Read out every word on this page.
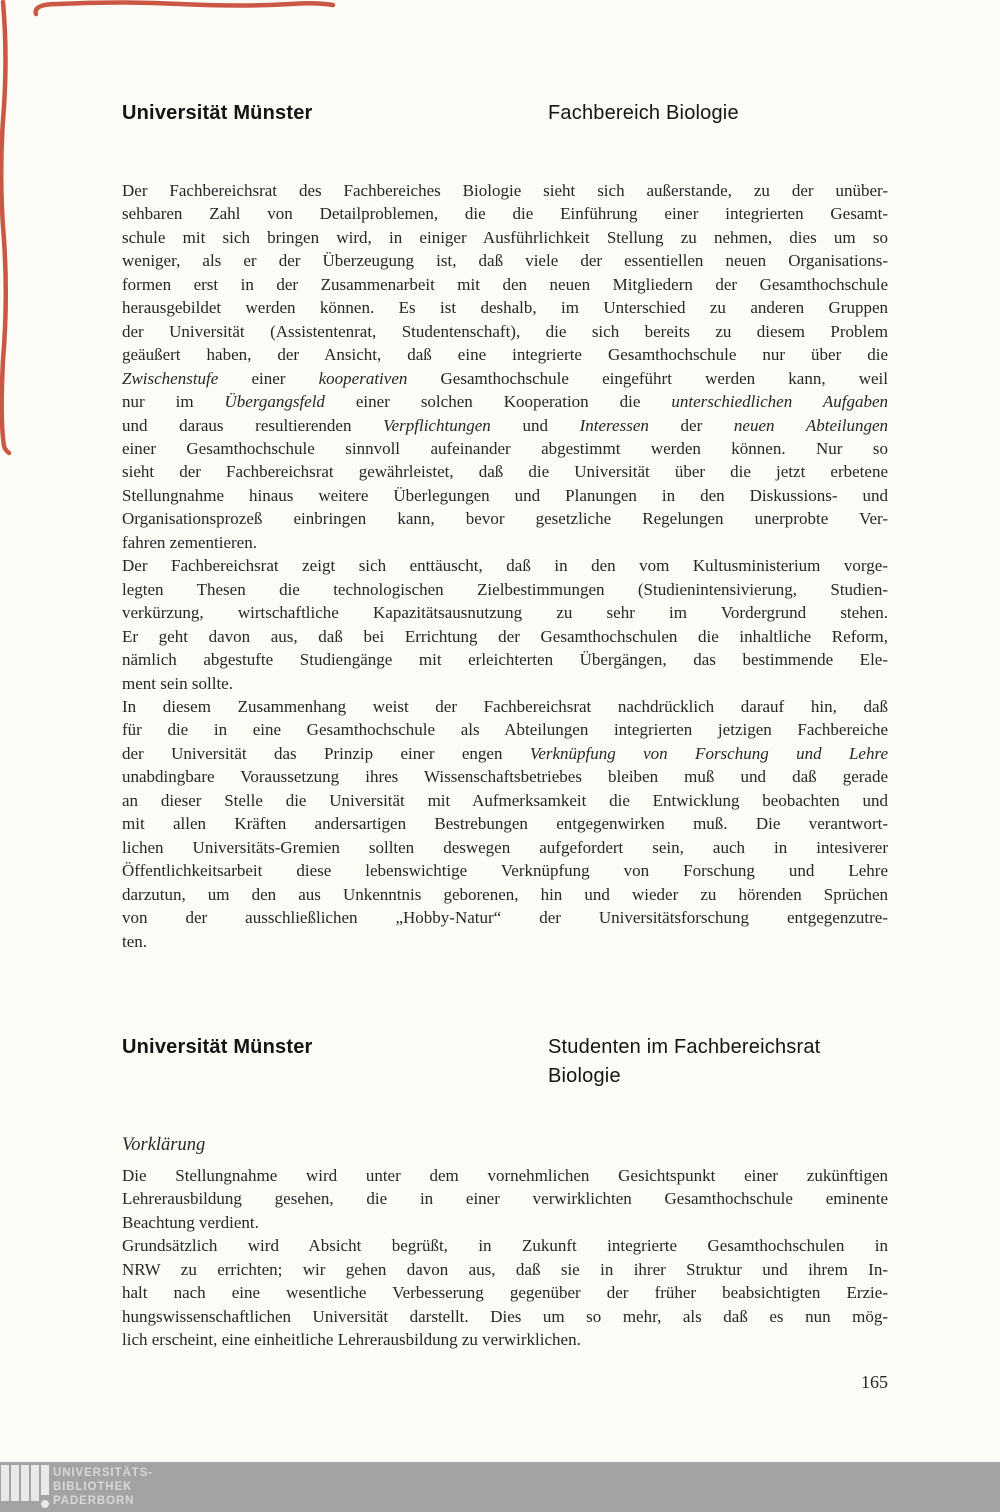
Universität Münster	Fachbereich Biologie
Der Fachbereichsrat des Fachbereiches Biologie sieht sich außerstande, zu der unüber-
sehbaren Zahl von Detailproblemen, die die Einführung einer integrierten Gesamt-
schule mit sich bringen wird, in einiger Ausführlichkeit Stellung zu nehmen, dies um so
weniger, als er der Überzeugung ist, daß viele der essentiellen neuen Organisations-
formen erst in der Zusammenarbeit mit den neuen Mitgliedern der Gesamthochschule
herausgebildet werden können. Es ist deshalb, im Unterschied zu anderen Gruppen
der Universität (Assistentenrat, Studentenschaft), die sich bereits zu diesem Problem
geäußert haben, der Ansicht, daß eine integrierte Gesamthochschule nur über die
Zwischenstufe einer kooperativen Gesamthochschule eingeführt werden kann, weil
nur im Übergangsfeld einer solchen Kooperation die unterschiedlichen Aufgaben
und daraus resultierenden Verpflichtungen und Interessen der neuen Abteilungen
einer Gesamthochschule sinnvoll aufeinander abgestimmt werden können. Nur so
sieht der Fachbereichsrat gewährleistet, daß die Universität über die jetzt erbetene
Stellungnahme hinaus weitere Überlegungen und Planungen in den Diskussions- und
Organisationsprozeß einbringen kann, bevor gesetzliche Regelungen unerprobte Ver-
fahren zementieren.
Der Fachbereichsrat zeigt sich enttäuscht, daß in den vom Kultusministerium vorge-
legten Thesen die technologischen Zielbestimmungen (Studienintensivierung, Studien-
verkürzung, wirtschaftliche Kapazitätsausnutzung zu sehr im Vordergrund stehen.
Er geht davon aus, daß bei Errichtung der Gesamthochschulen die inhaltliche Reform,
nämlich abgestufte Studiengänge mit erleichterten Übergängen, das bestimmende Ele-
ment sein sollte.
In diesem Zusammenhang weist der Fachbereichsrat nachdrücklich darauf hin, daß
für die in eine Gesamthochschule als Abteilungen integrierten jetzigen Fachbereiche
der Universität das Prinzip einer engen Verknüpfung von Forschung und Lehre
unabdingbare Voraussetzung ihres Wissenschaftsbetriebes bleiben muß und daß gerade
an dieser Stelle die Universität mit Aufmerksamkeit die Entwicklung beobachten und
mit allen Kräften andersartigen Bestrebungen entgegenwirken muß. Die verantwort-
lichen Universitäts-Gremien sollten deswegen aufgefordert sein, auch in intesiverer
Öffentlichkeitsarbeit diese lebenswichtige Verknüpfung von Forschung und Lehre
darzutun, um den aus Unkenntnis geborenen, hin und wieder zu hörenden Sprüchen
von der ausschließlichen „Hobby-Natur“ der Universitätsforschung entgegenzutre-
ten.
Universität Münster	Studenten im Fachbereichsrat
Biologie
Vorklärung
Die Stellungnahme wird unter dem vornehmlichen Gesichtspunkt einer zukünftigen
Lehrerausbildung gesehen, die in einer verwirklichten Gesamthochschule eminente
Beachtung verdient.
Grundsätzlich wird Absicht begrüßt, in Zukunft integrierte Gesamthochschulen in
NRW zu errichten; wir gehen davon aus, daß sie in ihrer Struktur und ihrem In-
halt nach eine wesentliche Verbesserung gegenüber der früher beabsichtigten Erzie-
hungswissenschaftlichen Universität darstellt. Dies um so mehr, als daß es nun mög-
lich erscheint, eine einheitliche Lehrerausbildung zu verwirklichen.
165
UNIVERSITÄTS-
BIBLIOTHEK
PADERBORN
